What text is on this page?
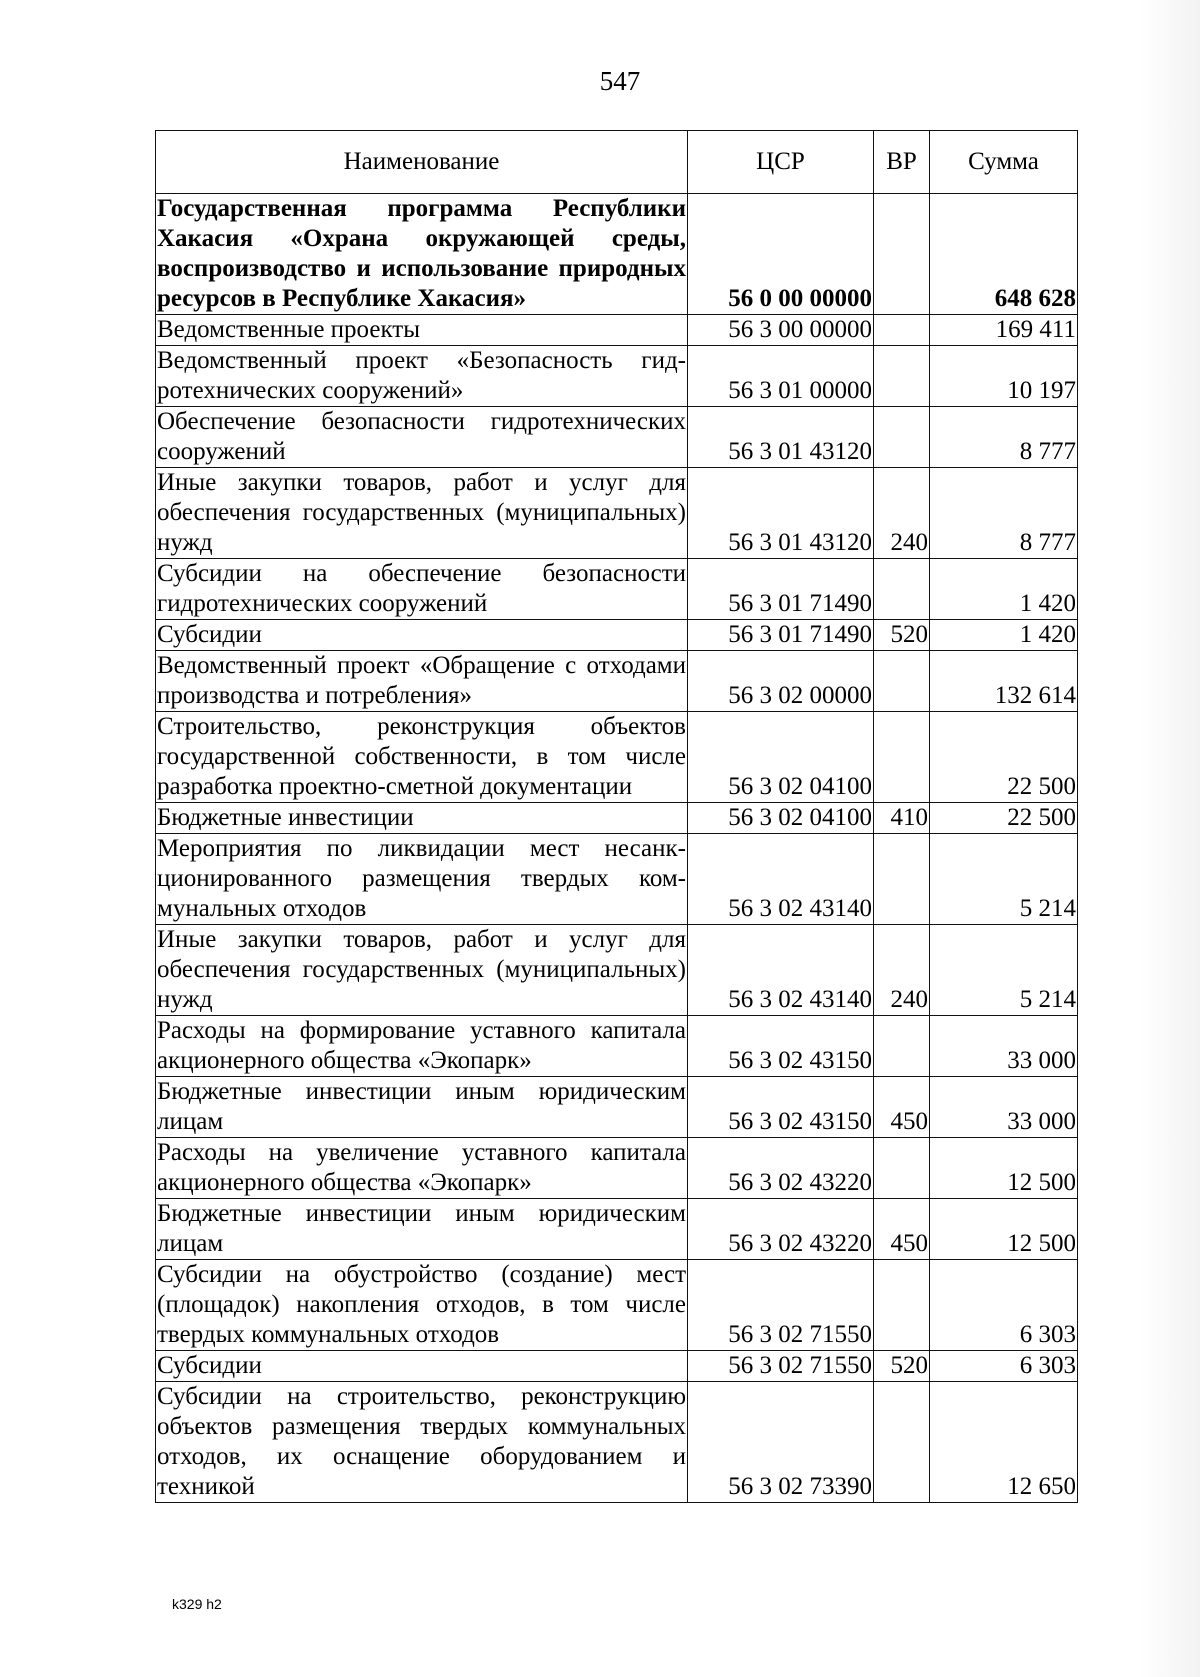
547
Наименование	ЦСР	ВР	Сумма
Государственная программа Республики Хакасия «Охрана окружающей среды, воспроизводство и использование природных ресурсов в Республике Хакасия»	56 0 00 00000		648 628
Ведомственные проекты	56 3 00 00000		169 411
Ведомственный проект «Безопасность гидротехнических сооружений»	56 3 01 00000		10 197
Обеспечение безопасности гидротехнических сооружений	56 3 01 43120		8 777
Иные закупки товаров, работ и услуг для обеспечения государственных (муниципальных) нужд	56 3 01 43120	240	8 777
Субсидии на обеспечение безопасности гидротехнических сооружений	56 3 01 71490		1 420
Субсидии	56 3 01 71490	520	1 420
Ведомственный проект «Обращение с отходами производства и потребления»	56 3 02 00000		132 614
Строительство, реконструкция объектов государственной собственности, в том числе разработка проектно-сметной документации	56 3 02 04100		22 500
Бюджетные инвестиции	56 3 02 04100	410	22 500
Мероприятия по ликвидации мест несанкционированного размещения твердых коммунальных отходов	56 3 02 43140		5 214
Иные закупки товаров, работ и услуг для обеспечения государственных (муниципальных) нужд	56 3 02 43140	240	5 214
Расходы на формирование уставного капитала акционерного общества «Экопарк»	56 3 02 43150		33 000
Бюджетные инвестиции иным юридическим лицам	56 3 02 43150	450	33 000
Расходы на увеличение уставного капитала акционерного общества «Экопарк»	56 3 02 43220		12 500
Бюджетные инвестиции иным юридическим лицам	56 3 02 43220	450	12 500
Субсидии на обустройство (создание) мест (площадок) накопления отходов, в том числе твердых коммунальных отходов	56 3 02 71550		6 303
Субсидии	56 3 02 71550	520	6 303
Субсидии на строительство, реконструкцию объектов размещения твердых коммунальных отходов, их оснащение оборудованием и техникой	56 3 02 73390		12 650
k329 h2
